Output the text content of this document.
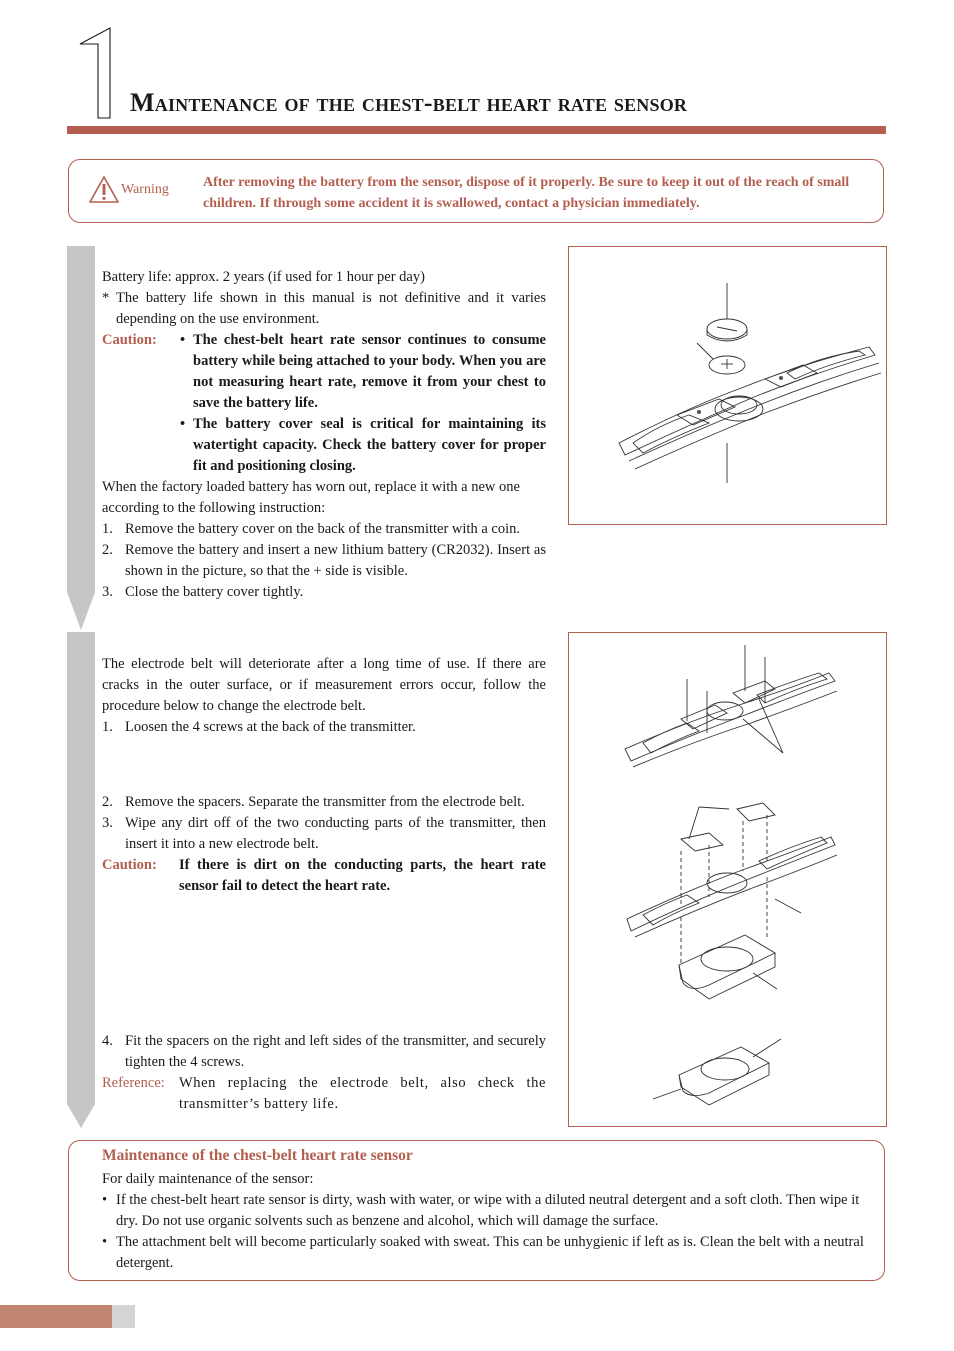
1
Maintenance of the chest-belt heart rate sensor
Warning After removing the battery from the sensor, dispose of it properly. Be sure to keep it out of the reach of small children. If through some accident it is swallowed, contact a physician immediately.

Battery life: approx. 2 years (if used for 1 hour per day)

* The battery life shown in this manual is not definitive and it varies depending on the use environment.
Caution: • The chest-belt heart rate sensor continues to consume battery while being attached to your body. When you are not measuring heart rate, remove it from your chest to save the battery life.
• The battery cover seal is critical for maintaining its watertight capacity. Check the battery cover for proper fit and positioning closing.

When the factory loaded battery has worn out, replace it with a new one according to the following instruction:

1. Remove the battery cover on the back of the transmitter with a coin.
2. Remove the battery and insert a new lithium battery (CR2032). Insert as shown in the picture, so that the + side is visible.
3. Close the battery cover tightly.
The electrode belt will deteriorate after a long time of use. If there are cracks in the outer surface, or if measurement errors occur, follow the procedure below to change the electrode belt.
1. Loosen the 4 screws at the back of the transmitter.
2. Remove the spacers. Separate the transmitter from the electrode belt.
3. Wipe any dirt off of the two conducting parts of the transmitter, then insert it into a new electrode belt.
Caution: If there is dirt on the conducting parts, the heart rate sensor fail to detect the heart rate.
4. Fit the spacers on the right and left sides of the transmitter, and securely tighten the 4 screws.
Reference: When replacing the electrode belt, also check the transmitter’s battery life.
Maintenance of the chest-belt heart rate sensor

For daily maintenance of the sensor:

• If the chest-belt heart rate sensor is dirty, wash with water, or wipe with a diluted neutral detergent and a soft cloth. Then wipe it dry. Do not use organic solvents such as benzene and alcohol, which will damage the surface.
• The attachment belt will become particularly soaked with sweat. This can be unhygienic if left as is. Clean the belt with a neutral detergent.
